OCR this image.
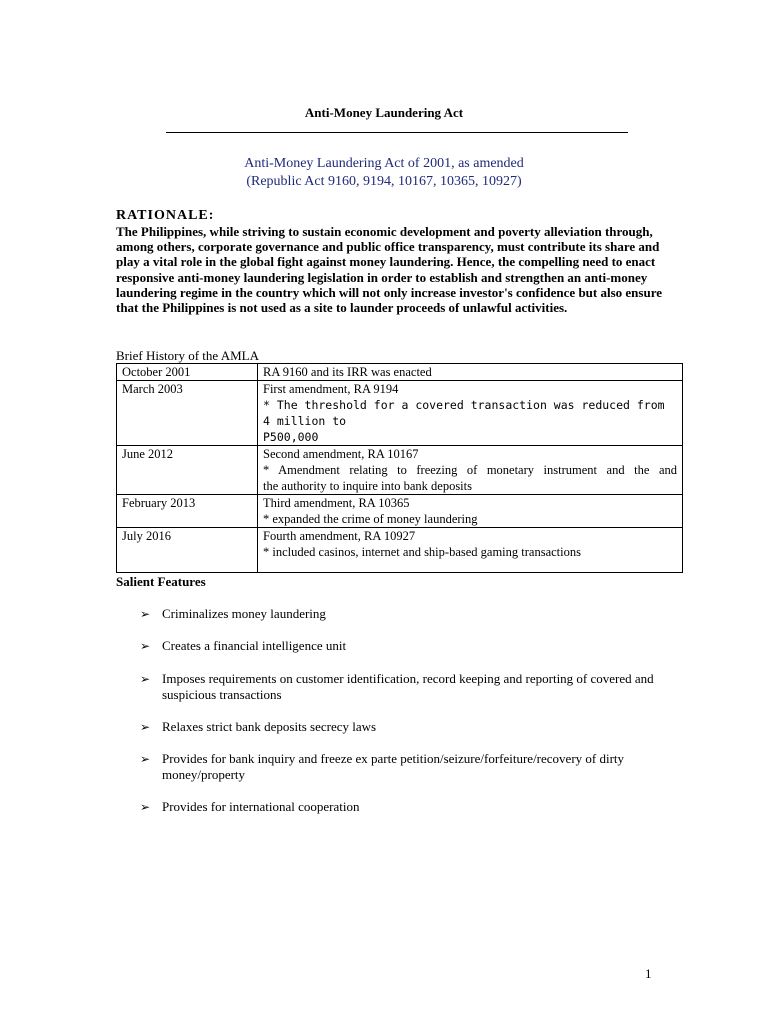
Anti-Money Laundering Act
Anti-Money Laundering Act of 2001, as amended
(Republic Act 9160, 9194, 10167, 10365, 10927)
RATIONALE:
The Philippines, while striving to sustain economic development and poverty alleviation through, among others, corporate governance and public office transparency, must contribute its share and play a vital role in the global fight against money laundering. Hence, the compelling need to enact responsive anti-money laundering legislation in order to establish and strengthen an anti-money laundering regime in the country which will not only increase investor's confidence but also ensure that the Philippines is not used as a site to launder proceeds of unlawful activities.
Brief History of the AMLA
October 2001	RA 9160 and its IRR was enacted

March 2003	First amendment, RA 9194
* The threshold for a covered transaction was reduced from 4 million to
P500,000

June 2012	Second amendment, RA 10167
* Amendment relating to freezing of monetary instrument and the and
the authority to inquire into bank deposits

February 2013	Third amendment, RA 10365
* expanded the crime of money laundering

July 2016	Fourth amendment, RA 10927
* included casinos, internet and ship-based gaming transactions
Salient Features
➢ Criminalizes money laundering
➢ Creates a financial intelligence unit
➢ Imposes requirements on customer identification, record keeping and reporting of covered and suspicious transactions
➢ Relaxes strict bank deposits secrecy laws
➢ Provides for bank inquiry and freeze ex parte petition/seizure/forfeiture/recovery of dirty money/property
➢ Provides for international cooperation
1
